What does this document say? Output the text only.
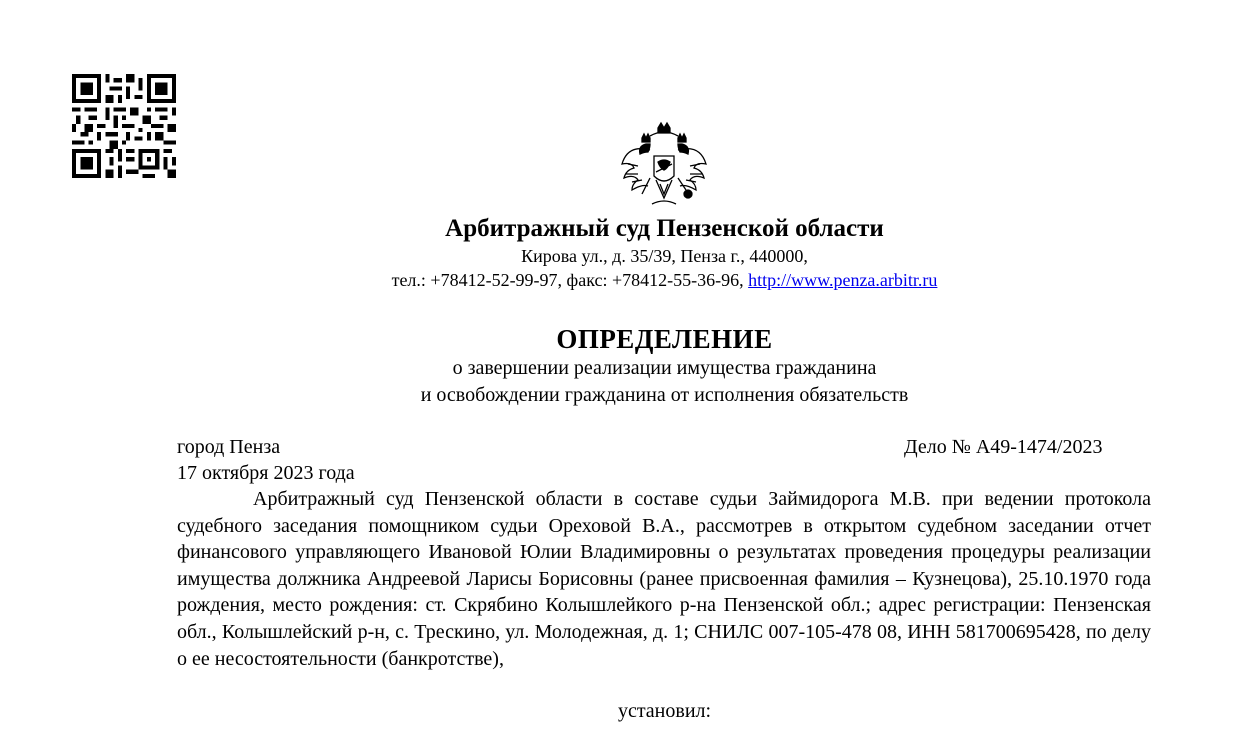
Арбитражный суд Пензенской области
Кирова ул., д. 35/39, Пенза г., 440000,
тел.: +78412-52-99-97, факс: +78412-55-36-96, http://www.penza.arbitr.ru
ОПРЕДЕЛЕНИЕ
о завершении реализации имущества гражданина
и освобождении гражданина от исполнения обязательств
город Пенза	Дело № А49-1474/2023
17 октября 2023 года

Арбитражный суд Пензенской области в составе судьи Займидорога М.В. при ведении протокола судебного заседания помощником судьи Ореховой В.А., рассмотрев в открытом судебном заседании отчет финансового управляющего Ивановой Юлии Владимировны о результатах проведения процедуры реализации имущества должника Андреевой Ларисы Борисовны (ранее присвоенная фамилия – Кузнецова), 25.10.1970 года рождения, место рождения: ст. Скрябино Колышлейкого р-на Пензенской обл.; адрес регистрации: Пензенская обл., Колышлейский р-н, с. Трескино, ул. Молодежная, д. 1; СНИЛС 007-105-478 08, ИНН 581700695428, по делу о ее несостоятельности (банкротстве),

установил:
